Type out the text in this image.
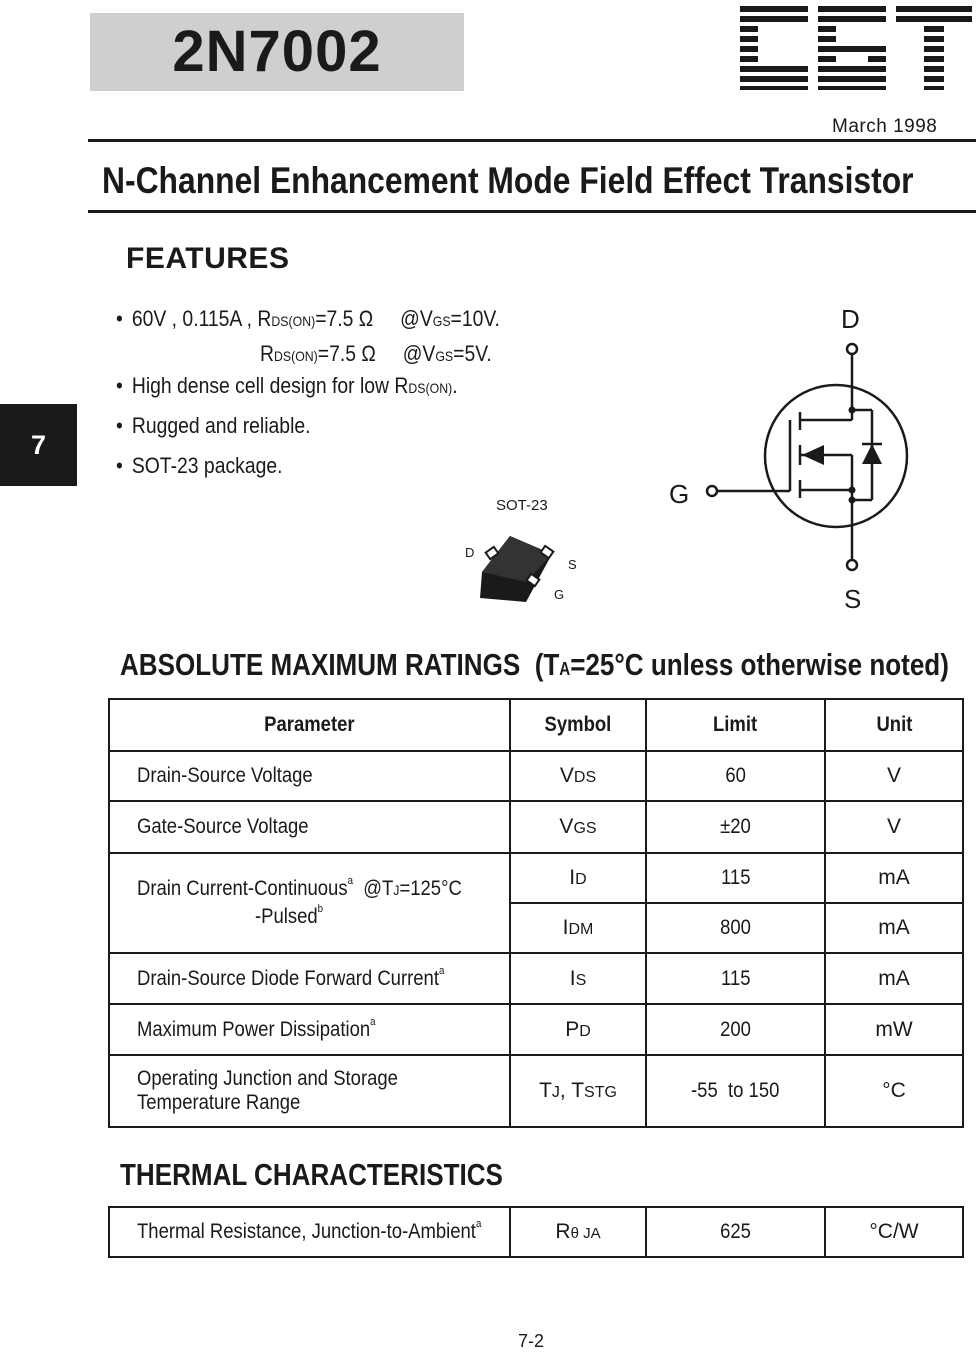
2N7002
March 1998
N-Channel Enhancement Mode Field Effect Transistor
7
FEATURES
• 60V , 0.115A , RDS(ON)=7.5 Ω     @VGS=10V.
RDS(ON)=7.5 Ω     @VGS=5V.
• High dense cell design for low RDS(ON).
• Rugged and reliable.
• SOT-23 package.
SOT-23
D
S
G
D
G
S
ABSOLUTE MAXIMUM RATINGS  (TA=25°C unless otherwise noted)
Parameter	Symbol	Limit	Unit
Drain-Source Voltage	VDS	60	V
Gate-Source Voltage	VGS	±20	V
Drain Current-Continuous$^a$  @TJ=125°C
-Pulsed$^b$	ID	115	mA
	IDM	800	mA
Drain-Source Diode Forward Current$^a$	IS	115	mA
Maximum Power Dissipation$^a$	PD	200	mW
Operating Junction and Storage
Temperature Range	TJ, TSTG	-55  to 150	°C
THERMAL CHARACTERISTICS
Thermal Resistance, Junction-to-Ambient$^a$	Rθ JA	625	°C/W
7-2
